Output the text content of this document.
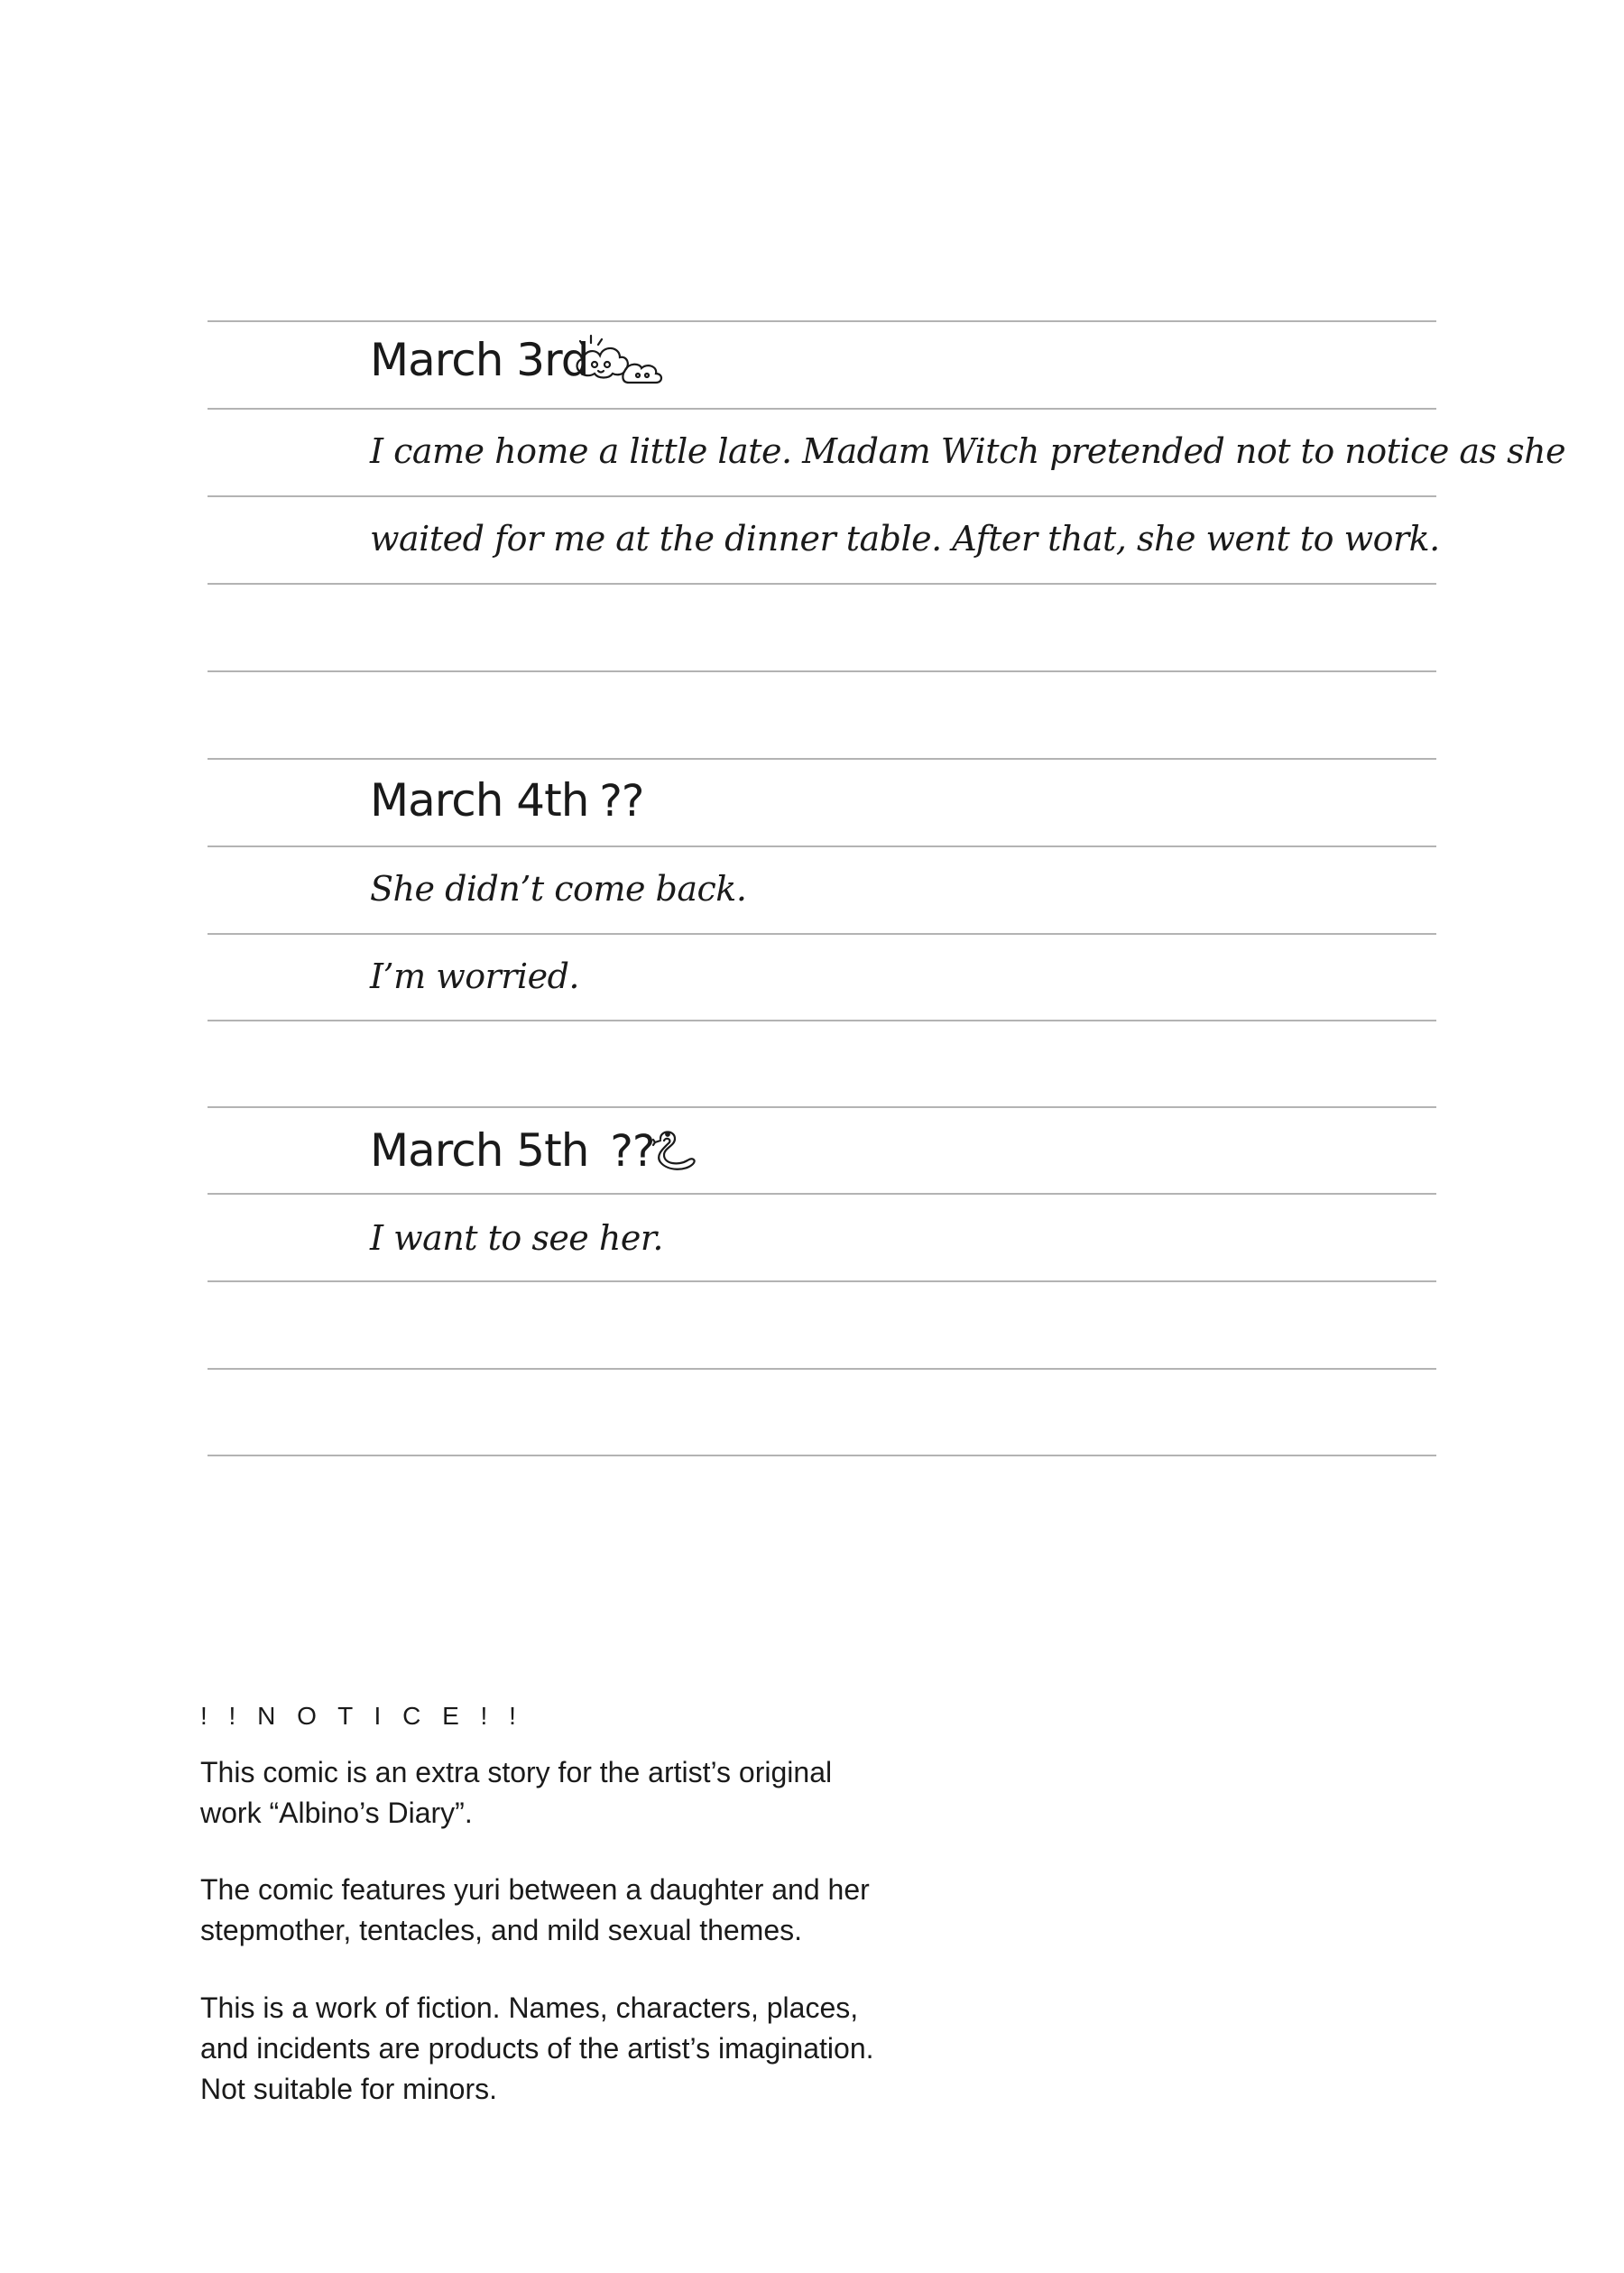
March 3rd
I came home a little late. Madam Witch pretended not to notice as she
waited for me at the dinner table. After that, she went to work.
March 4th ??
She didn’t come back.
I’m worried.
March 5th ??
I want to see her.
! ! N O T I C E ! !
This comic is an extra story for the artist’s original
work “Albino’s Diary”.
The comic features yuri between a daughter and her
stepmother, tentacles, and mild sexual themes.
This is a work of fiction. Names, characters, places,
and incidents are products of the artist’s imagination.
Not suitable for minors.
